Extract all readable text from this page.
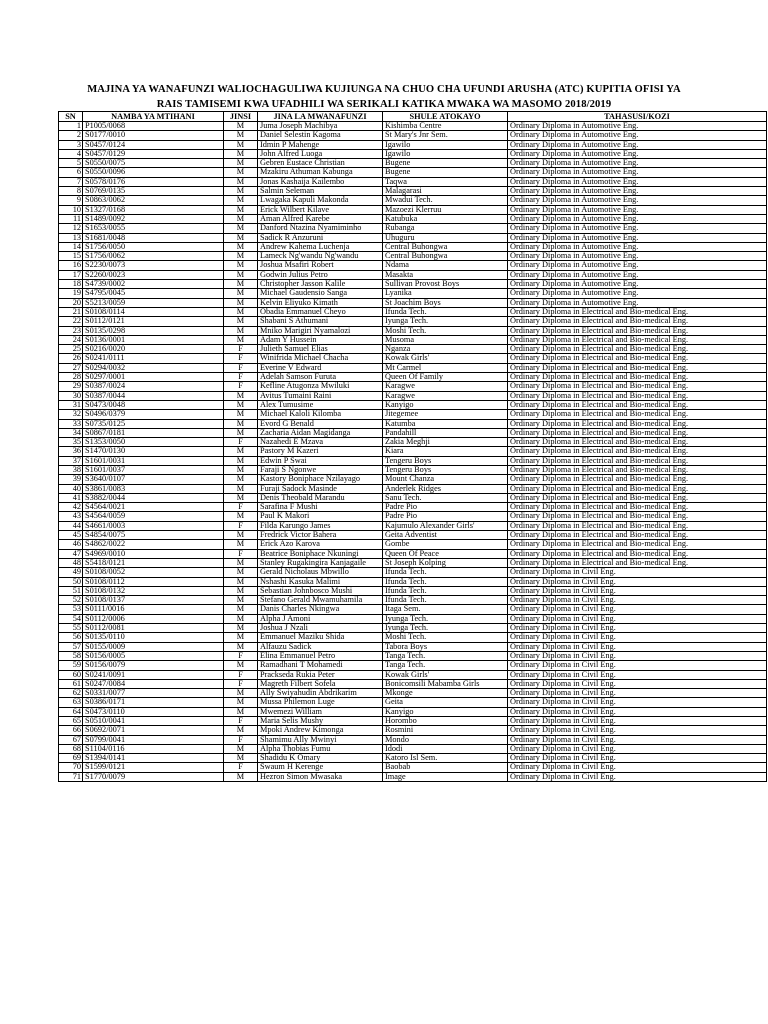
MAJINA YA WANAFUNZI WALIOCHAGULIWA KUJIUNGA NA CHUO CHA UFUNDI ARUSHA (ATC) KUPITIA OFISI YA
RAIS TAMISEMI KWA UFADHILI WA SERIKALI KATIKA MWAKA WA MASOMO 2018/2019
SN	NAMBA YA MTIHANI	JINSI	JINA LA MWANAFUNZI	SHULE ATOKAYO	TAHASUSI/KOZI
1	P1005/0068	M	Juma Joseph Machibya	Kishimba Centre	Ordinary Diploma in Automotive Eng.
2	S0177/0010	M	Daniel Selestin Kagoma	St Mary's Jnr Sem.	Ordinary Diploma in Automotive Eng.
3	S0457/0124	M	Idmin P Mahenge	Igawilo	Ordinary Diploma in Automotive Eng.
4	S0457/0129	M	John Alfred Luoga	Igawilo	Ordinary Diploma in Automotive Eng.
5	S0550/0075	M	Gebren Eustace Christian	Bugene	Ordinary Diploma in Automotive Eng.
6	S0550/0096	M	Mzakiru Athuman Kabunga	Bugene	Ordinary Diploma in Automotive Eng.
7	S0578/0176	M	Jonas Kashaija Kailembo	Taqwa	Ordinary Diploma in Automotive Eng.
8	S0769/0135	M	Salmin Seleman	Malagarasi	Ordinary Diploma in Automotive Eng.
9	S0863/0062	M	Lwagaka Kapuli Makonda	Mwadui Tech.	Ordinary Diploma in Automotive Eng.
10	S1327/0168	M	Erick Wilbert Kilave	Mazoezi Klerruu	Ordinary Diploma in Automotive Eng.
11	S1489/0092	M	Aman Alfred Karebe	Katubuka	Ordinary Diploma in Automotive Eng.
12	S1653/0055	M	Danford Ntazina Nyamiminho	Rubanga	Ordinary Diploma in Automotive Eng.
13	S1681/0048	M	Sadick R Anzuruni	Uhuguru	Ordinary Diploma in Automotive Eng.
14	S1756/0050	M	Andrew Kahema Luchenja	Central Buhongwa	Ordinary Diploma in Automotive Eng.
15	S1756/0062	M	Lameck Ng'wandu Ng'wandu	Central Buhongwa	Ordinary Diploma in Automotive Eng.
16	S2230/0073	M	Joshua Msafiri Robert	Ndama	Ordinary Diploma in Automotive Eng.
17	S2260/0023	M	Godwin Julius Petro	Masakta	Ordinary Diploma in Automotive Eng.
18	S4739/0002	M	Christopher Jasson Kalile	Sullivan Provost Boys	Ordinary Diploma in Automotive Eng.
19	S4795/0045	M	Michael Gaudensio Sanga	Lyanika	Ordinary Diploma in Automotive Eng.
20	S5213/0059	M	Kelvin Eliyuko Kimath	St Joachim Boys	Ordinary Diploma in Automotive Eng.
21	S0108/0114	M	Obadia Emmanuel Cheyo	Ifunda Tech.	Ordinary Diploma in Electrical and Bio-medical Eng.
22	S0112/0121	M	Shabani S Athumani	Iyunga Tech.	Ordinary Diploma in Electrical and Bio-medical Eng.
23	S0135/0298	M	Mniko Marigiri Nyamalozi	Moshi Tech.	Ordinary Diploma in Electrical and Bio-medical Eng.
24	S0136/0001	M	Adam Y Hussein	Musoma	Ordinary Diploma in Electrical and Bio-medical Eng.
25	S0216/0020	F	Julieth Samuel Elias	Nganza	Ordinary Diploma in Electrical and Bio-medical Eng.
26	S0241/0111	F	Winifrida Michael Chacha	Kowak Girls'	Ordinary Diploma in Electrical and Bio-medical Eng.
27	S0294/0032	F	Everine V Edward	Mt Carmel	Ordinary Diploma in Electrical and Bio-medical Eng.
28	S0297/0001	F	Adelah Samson Furuta	Queen Of Family	Ordinary Diploma in Electrical and Bio-medical Eng.
29	S0387/0024	F	Kefline Atugonza Mwiluki	Karagwe	Ordinary Diploma in Electrical and Bio-medical Eng.
30	S0387/0044	M	Avitus Tumaini Raini	Karagwe	Ordinary Diploma in Electrical and Bio-medical Eng.
31	S0473/0048	M	Alex Tumusime	Kanyigo	Ordinary Diploma in Electrical and Bio-medical Eng.
32	S0496/0379	M	Michael Kaloli Kilomba	Jitegemee	Ordinary Diploma in Electrical and Bio-medical Eng.
33	S0735/0125	M	Evord G Benald	Katumba	Ordinary Diploma in Electrical and Bio-medical Eng.
34	S0867/0181	M	Zacharia Aidan Magidanga	Pandahill	Ordinary Diploma in Electrical and Bio-medical Eng.
35	S1353/0050	F	Nazahedi E Mzava	Zakia Meghji	Ordinary Diploma in Electrical and Bio-medical Eng.
36	S1470/0130	M	Pastory M Kazeri	Kiara	Ordinary Diploma in Electrical and Bio-medical Eng.
37	S1601/0031	M	Edwin P Swai	Tengeru Boys	Ordinary Diploma in Electrical and Bio-medical Eng.
38	S1601/0037	M	Faraji S Ngonwe	Tengeru Boys	Ordinary Diploma in Electrical and Bio-medical Eng.
39	S3640/0107	M	Kastory Boniphace Nzilayago	Mount Chanza	Ordinary Diploma in Electrical and Bio-medical Eng.
40	S3861/0083	M	Furaji Sadock Masinde	Anderlek Ridges	Ordinary Diploma in Electrical and Bio-medical Eng.
41	S3882/0044	M	Denis Theobald Marandu	Sanu Tech.	Ordinary Diploma in Electrical and Bio-medical Eng.
42	S4564/0021	F	Sarafina F Mushi	Padre Pio	Ordinary Diploma in Electrical and Bio-medical Eng.
43	S4564/0059	M	Paul K Makori	Padre Pio	Ordinary Diploma in Electrical and Bio-medical Eng.
44	S4661/0003	F	Filda Karungo James	Kajumulo Alexander Girls'	Ordinary Diploma in Electrical and Bio-medical Eng.
45	S4854/0075	M	Fredrick Victor Bahera	Geita Adventist	Ordinary Diploma in Electrical and Bio-medical Eng.
46	S4862/0022	M	Erick Azo Karova	Gombe	Ordinary Diploma in Electrical and Bio-medical Eng.
47	S4969/0010	F	Beatrice Boniphace Nkuningi	Queen Of Peace	Ordinary Diploma in Electrical and Bio-medical Eng.
48	S5418/0121	M	Stanley Rugakingira Kanjagaile	St Joseph Kolping	Ordinary Diploma in Electrical and Bio-medical Eng.
49	S0108/0052	M	Gerald Nicholaus Mbwillo	Ifunda Tech.	Ordinary Diploma in Civil Eng.
50	S0108/0112	M	Nshashi Kasuka Malimi	Ifunda Tech.	Ordinary Diploma in Civil Eng.
51	S0108/0132	M	Sebastian Johnbosco Mushi	Ifunda Tech.	Ordinary Diploma in Civil Eng.
52	S0108/0137	M	Stefano Gerald Mwamuhamila	Ifunda Tech.	Ordinary Diploma in Civil Eng.
53	S0111/0016	M	Danis Charles Nkingwa	Itaga Sem.	Ordinary Diploma in Civil Eng.
54	S0112/0006	M	Alpha J Amoni	Iyunga Tech.	Ordinary Diploma in Civil Eng.
55	S0112/0081	M	Joshua J Nzali	Iyunga Tech.	Ordinary Diploma in Civil Eng.
56	S0135/0110	M	Emmanuel Maziku Shida	Moshi Tech.	Ordinary Diploma in Civil Eng.
57	S0155/0009	M	Alfauzu Sadick	Tabora Boys	Ordinary Diploma in Civil Eng.
58	S0156/0005	F	Elina Emmanuel Petro	Tanga Tech.	Ordinary Diploma in Civil Eng.
59	S0156/0079	M	Ramadhani T Mohamedi	Tanga Tech.	Ordinary Diploma in Civil Eng.
60	S0241/0091	F	Prackseda Rukia Peter	Kowak Girls'	Ordinary Diploma in Civil Eng.
61	S0247/0084	F	Magreth Filbert Sofela	Bonicomsili Mabamba Girls	Ordinary Diploma in Civil Eng.
62	S0331/0077	M	Ally Swiyahudin Abdrikarim	Mkonge	Ordinary Diploma in Civil Eng.
63	S0386/0171	M	Mussa Philemon Luge	Geita	Ordinary Diploma in Civil Eng.
64	S0473/0110	M	Mwemezi William	Kanyigo	Ordinary Diploma in Civil Eng.
65	S0510/0041	F	Maria Selis Mushy	Horombo	Ordinary Diploma in Civil Eng.
66	S0692/0071	M	Mpoki Andrew Kimonga	Rosmini	Ordinary Diploma in Civil Eng.
67	S0799/0041	F	Shamimu Ally Mwinyi	Mondo	Ordinary Diploma in Civil Eng.
68	S1104/0116	M	Alpha Thobias Fumu	Idodi	Ordinary Diploma in Civil Eng.
69	S1394/0141	M	Shadidu K Omary	Katoro Isl Sem.	Ordinary Diploma in Civil Eng.
70	S1599/0121	F	Swaum H Kerenge	Baobab	Ordinary Diploma in Civil Eng.
71	S1770/0079	M	Hezron Simon Mwasaka	Image	Ordinary Diploma in Civil Eng.
